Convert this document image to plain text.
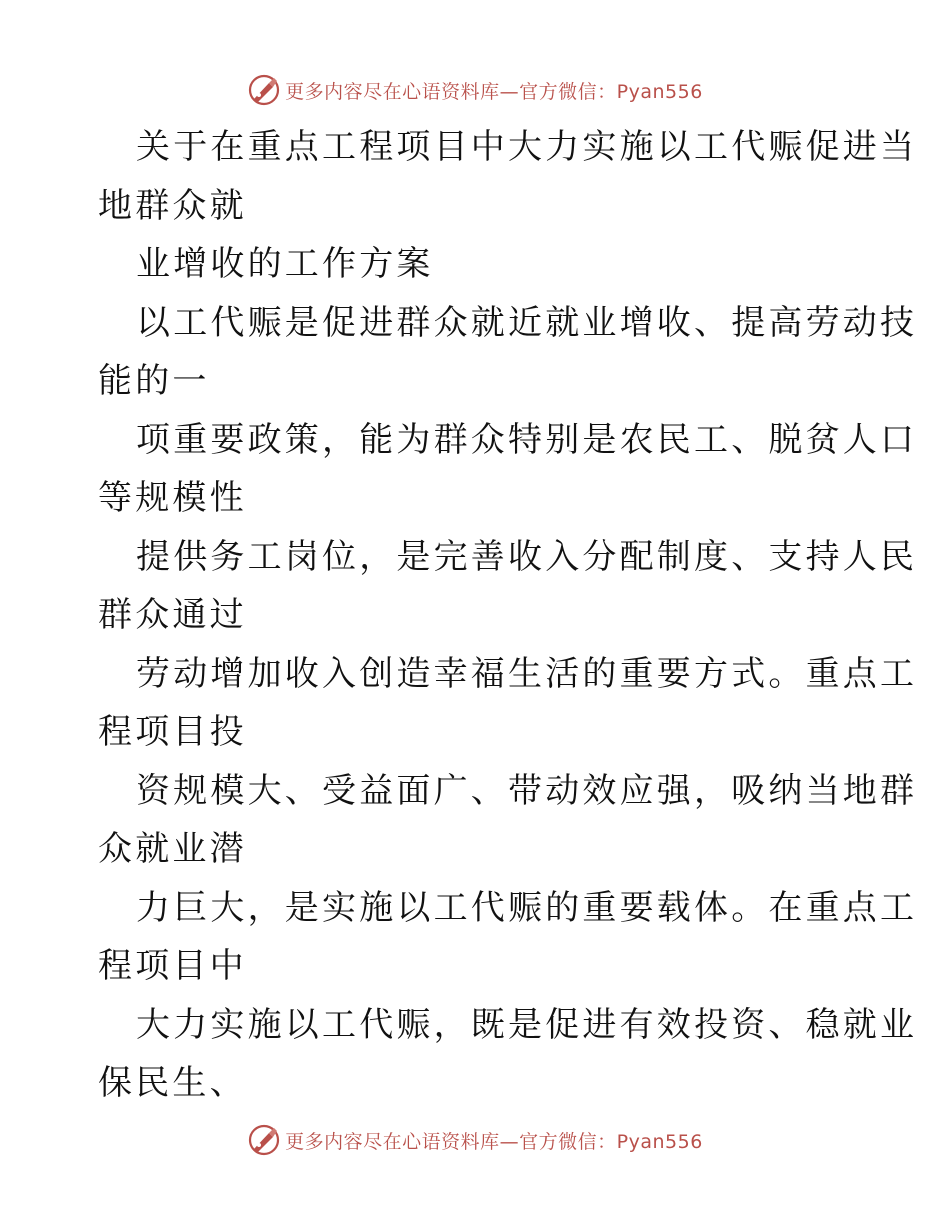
更多内容尽在心语资料库—官方微信：Pyan556
关于在重点工程项目中大力实施以工代赈促进当
地群众就
业增收的工作方案
以工代赈是促进群众就近就业增收、提高劳动技
能的一
项重要政策，能为群众特别是农民工、脱贫人口
等规模性
提供务工岗位，是完善收入分配制度、支持人民
群众通过
劳动增加收入创造幸福生活的重要方式。重点工
程项目投
资规模大、受益面广、带动效应强，吸纳当地群
众就业潜
力巨大，是实施以工代赈的重要载体。在重点工
程项目中
大力实施以工代赈，既是促进有效投资、稳就业
保民生、
更多内容尽在心语资料库—官方微信：Pyan556
